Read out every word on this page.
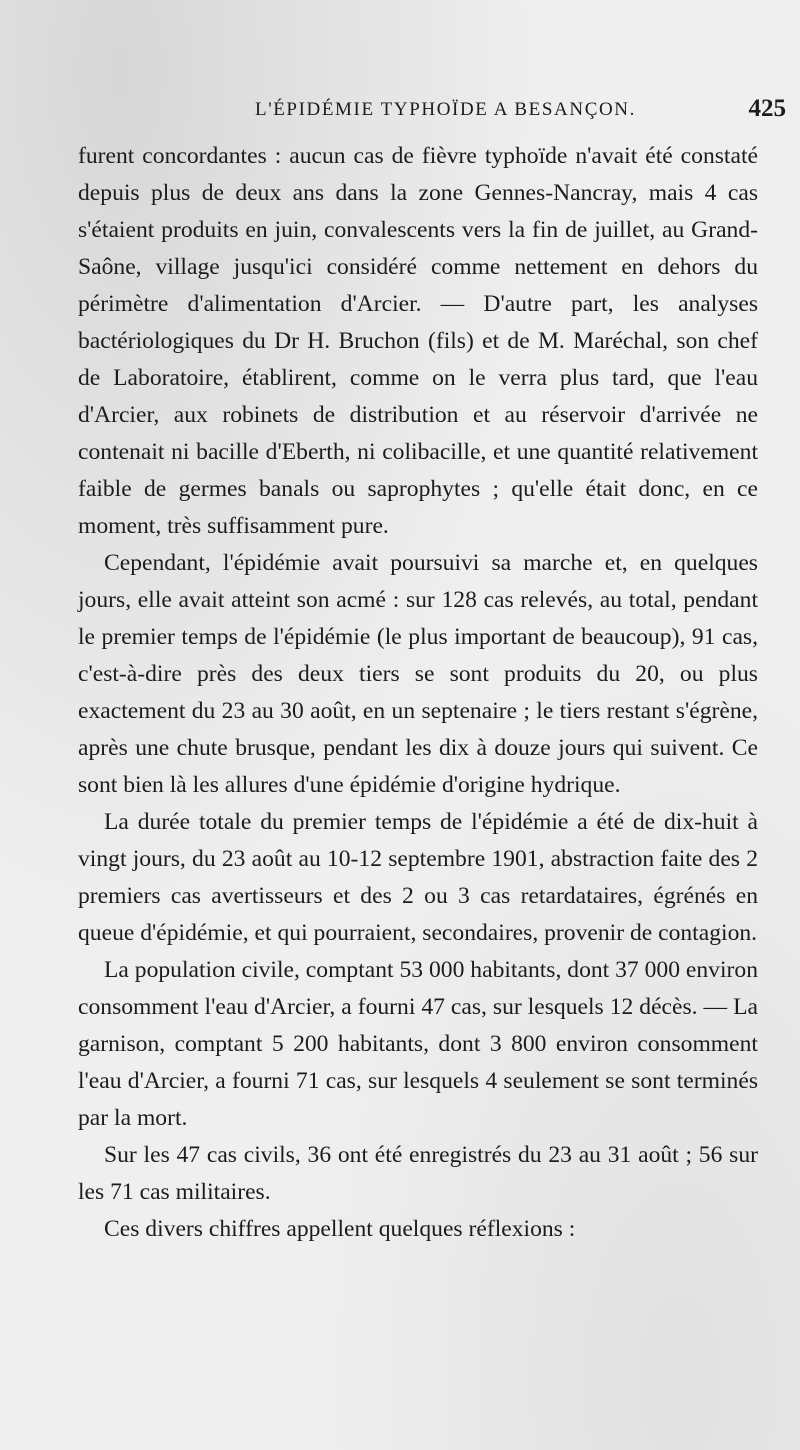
L'ÉPIDÉMIE TYPHOÏDE A BESANÇON.	425

furent concordantes : aucun cas de fièvre typhoïde n'avait été constaté depuis plus de deux ans dans la zone Gennes-Nancray, mais 4 cas s'étaient produits en juin, convalescents vers la fin de juillet, au Grand-Saône, village jusqu'ici considéré comme nettement en dehors du périmètre d'alimentation d'Arcier. — D'autre part, les analyses bactériologiques du Dr H. Bruchon (fils) et de M. Maréchal, son chef de Laboratoire, établirent, comme on le verra plus tard, que l'eau d'Arcier, aux robinets de distribution et au réservoir d'arrivée ne contenait ni bacille d'Eberth, ni colibacille, et une quantité relativement faible de germes banals ou saprophytes ; qu'elle était donc, en ce moment, très suffisamment pure.

Cependant, l'épidémie avait poursuivi sa marche et, en quelques jours, elle avait atteint son acmé : sur 128 cas relevés, au total, pendant le premier temps de l'épidémie (le plus important de beaucoup), 91 cas, c'est-à-dire près des deux tiers se sont produits du 20, ou plus exactement du 23 au 30 août, en un septenaire ; le tiers restant s'égrène, après une chute brusque, pendant les dix à douze jours qui suivent. Ce sont bien là les allures d'une épidémie d'origine hydrique.

La durée totale du premier temps de l'épidémie a été de dix-huit à vingt jours, du 23 août au 10-12 septembre 1901, abstraction faite des 2 premiers cas avertisseurs et des 2 ou 3 cas retardataires, égrénés en queue d'épidémie, et qui pourraient, secondaires, provenir de contagion.

La population civile, comptant 53 000 habitants, dont 37 000 environ consomment l'eau d'Arcier, a fourni 47 cas, sur lesquels 12 décès. — La garnison, comptant 5 200 habitants, dont 3 800 environ consomment l'eau d'Arcier, a fourni 71 cas, sur lesquels 4 seulement se sont terminés par la mort.

Sur les 47 cas civils, 36 ont été enregistrés du 23 au 31 août ; 56 sur les 71 cas militaires.

Ces divers chiffres appellent quelques réflexions :
